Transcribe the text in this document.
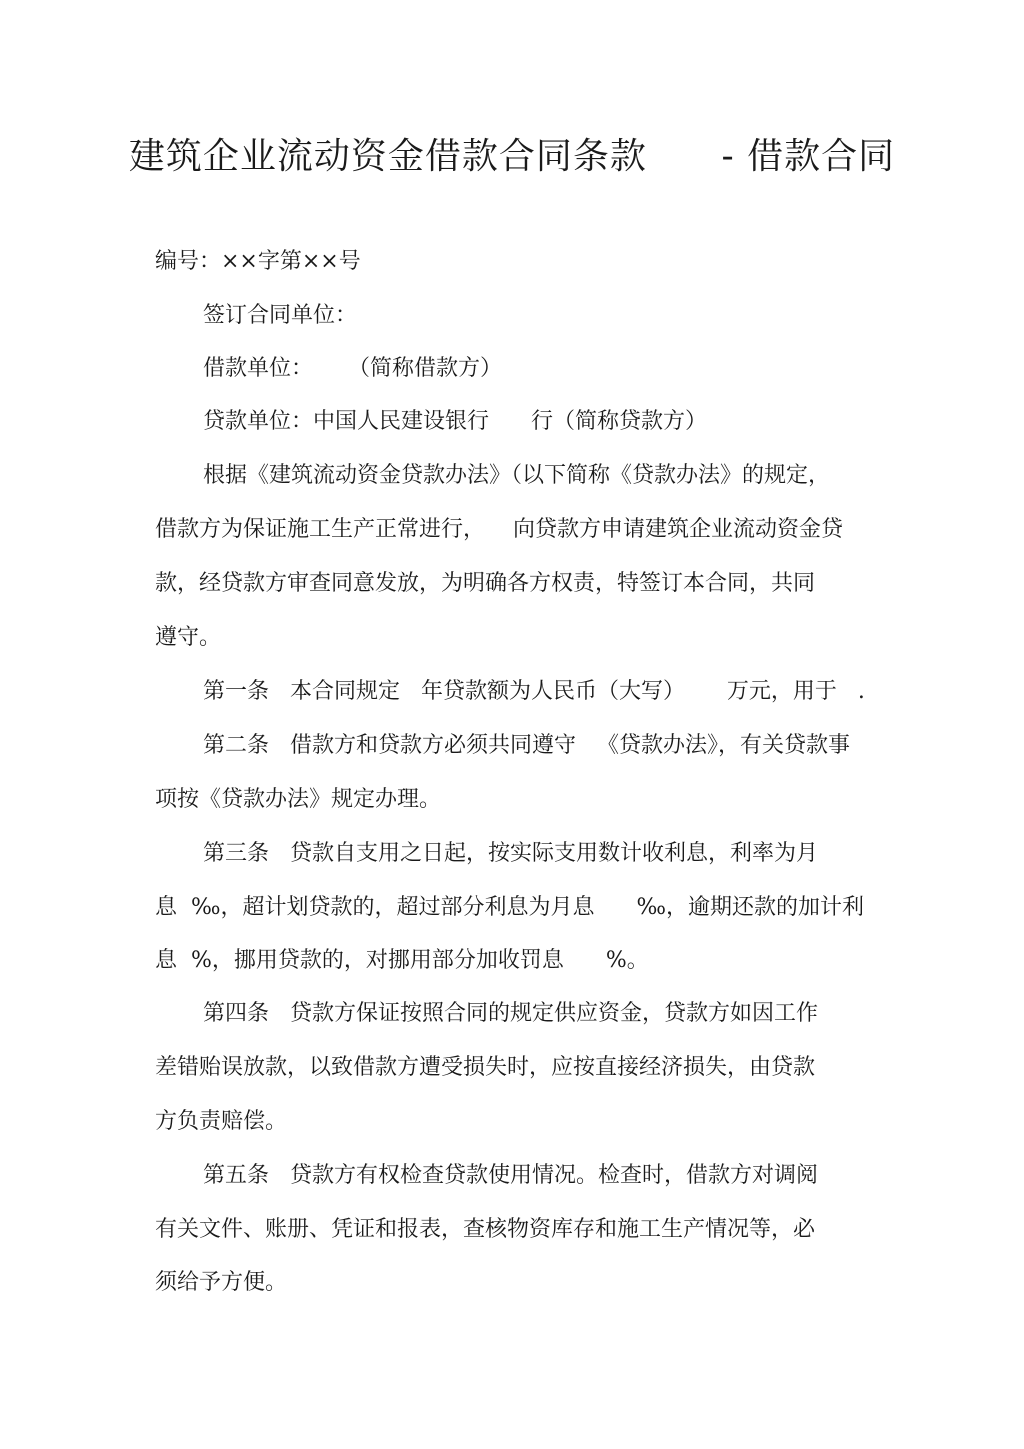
建筑企业流动资金借款合同条款      - 借款合同

编号：××字第××号

签订合同单位：

借款单位：     （简称借款方）

贷款单位：中国人民建设银行      行（简称贷款方）

根据《建筑流动资金贷款办法》（以下简称《贷款办法》的规定，

借款方为保证施工生产正常进行，    向贷款方申请建筑企业流动资金贷

款，经贷款方审查同意发放，为明确各方权责，特签订本合同，共同

遵守。

第一条   本合同规定   年贷款额为人民币（大写）      万元，用于   .

第二条   借款方和贷款方必须共同遵守   《贷款办法》，有关贷款事

项按《贷款办法》规定办理。

第三条   贷款自支用之日起，按实际支用数计收利息，利率为月

息  ‰，超计划贷款的，超过部分利息为月息      ‰，逾期还款的加计利

息  %，挪用贷款的，对挪用部分加收罚息      %。

第四条   贷款方保证按照合同的规定供应资金，贷款方如因工作

差错贻误放款，以致借款方遭受损失时，应按直接经济损失，由贷款

方负责赔偿。

第五条   贷款方有权检查贷款使用情况。检查时，借款方对调阅

有关文件、账册、凭证和报表，查核物资库存和施工生产情况等，必

须给予方便。
